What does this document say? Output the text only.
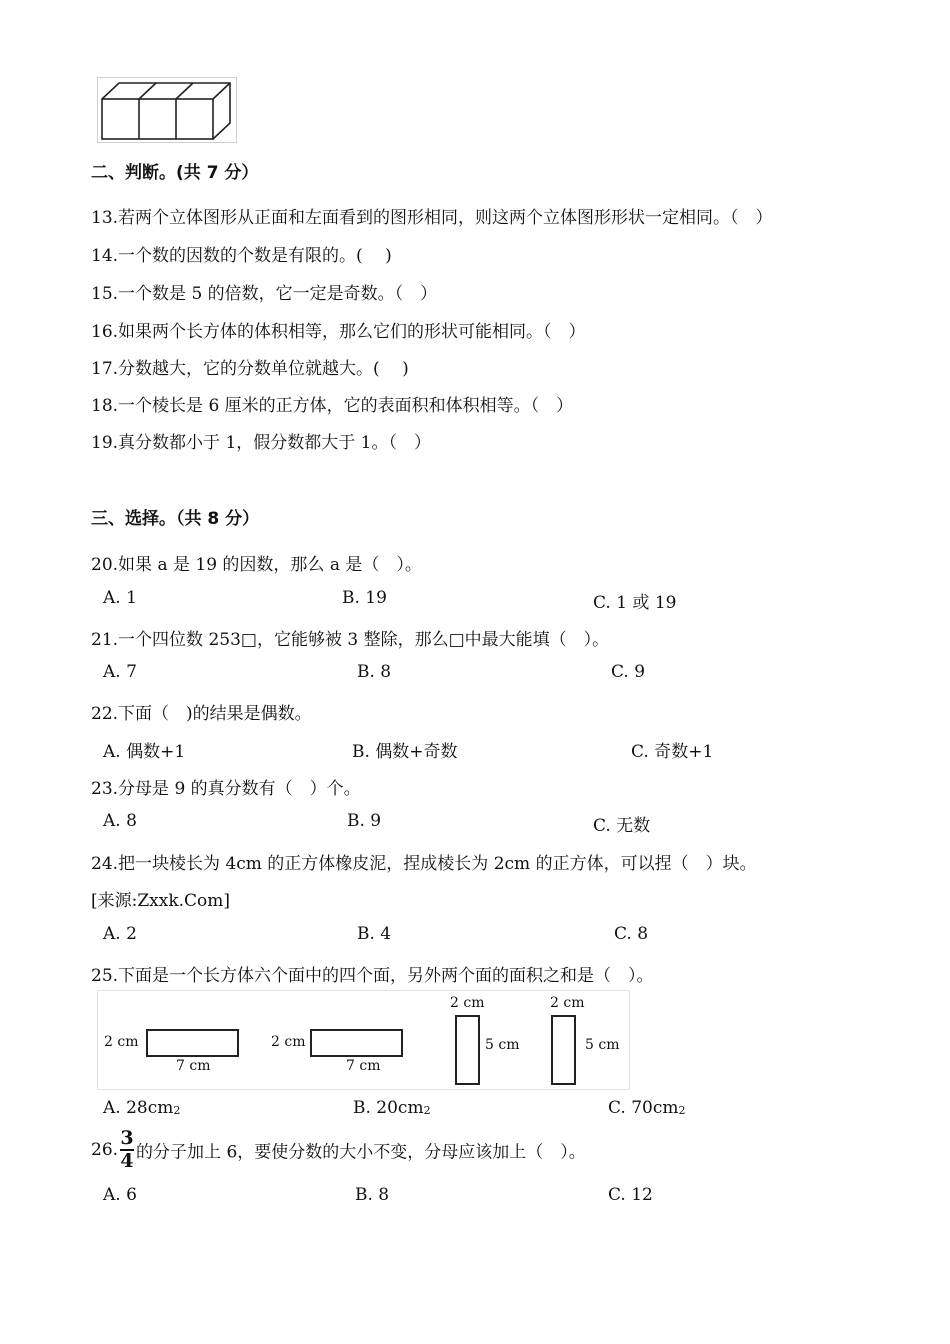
二、判断。(共 7 分）
13.若两个立体图形从正面和左面看到的图形相同，则这两个立体图形形状一定相同。（　）
14.一个数的因数的个数是有限的。( 　)
15.一个数是 5 的倍数，它一定是奇数。（　）
16.如果两个长方体的体积相等，那么它们的形状可能相同。（　）
17.分数越大，它的分数单位就越大。( 　)
18.一个棱长是 6 厘米的正方体，它的表面积和体积相等。（　）
19.真分数都小于 1，假分数都大于 1。（　）
三、选择。（共 8 分）
20.如果 a 是 19 的因数，那么 a 是（　）。
A. 1	B. 19	C. 1 或 19
21.一个四位数 253□，它能够被 3 整除，那么□中最大能填（　）。
A. 7	B. 8	C. 9
22.下面（　)的结果是偶数。
A. 偶数+1	B. 偶数+奇数	C. 奇数+1
23.分母是 9 的真分数有（　）个。
A. 8	B. 9	C. 无数
24.把一块棱长为 4cm 的正方体橡皮泥，捏成棱长为 2cm 的正方体，可以捏（　）块。
[来源:Zxxk.Com]
A. 2	B. 4	C. 8
25.下面是一个长方体六个面中的四个面，另外两个面的面积之和是（　）。
2 cm
7 cm
2 cm
7 cm
2 cm
5 cm
2 cm
5 cm
A. $28cm^2$	B. $20cm^2$	C. $70cm^2$
26. $\frac{3}{4}$ 的分子加上 6，要使分数的大小不变，分母应该加上（　）。
A. 6	B. 8	C. 12
